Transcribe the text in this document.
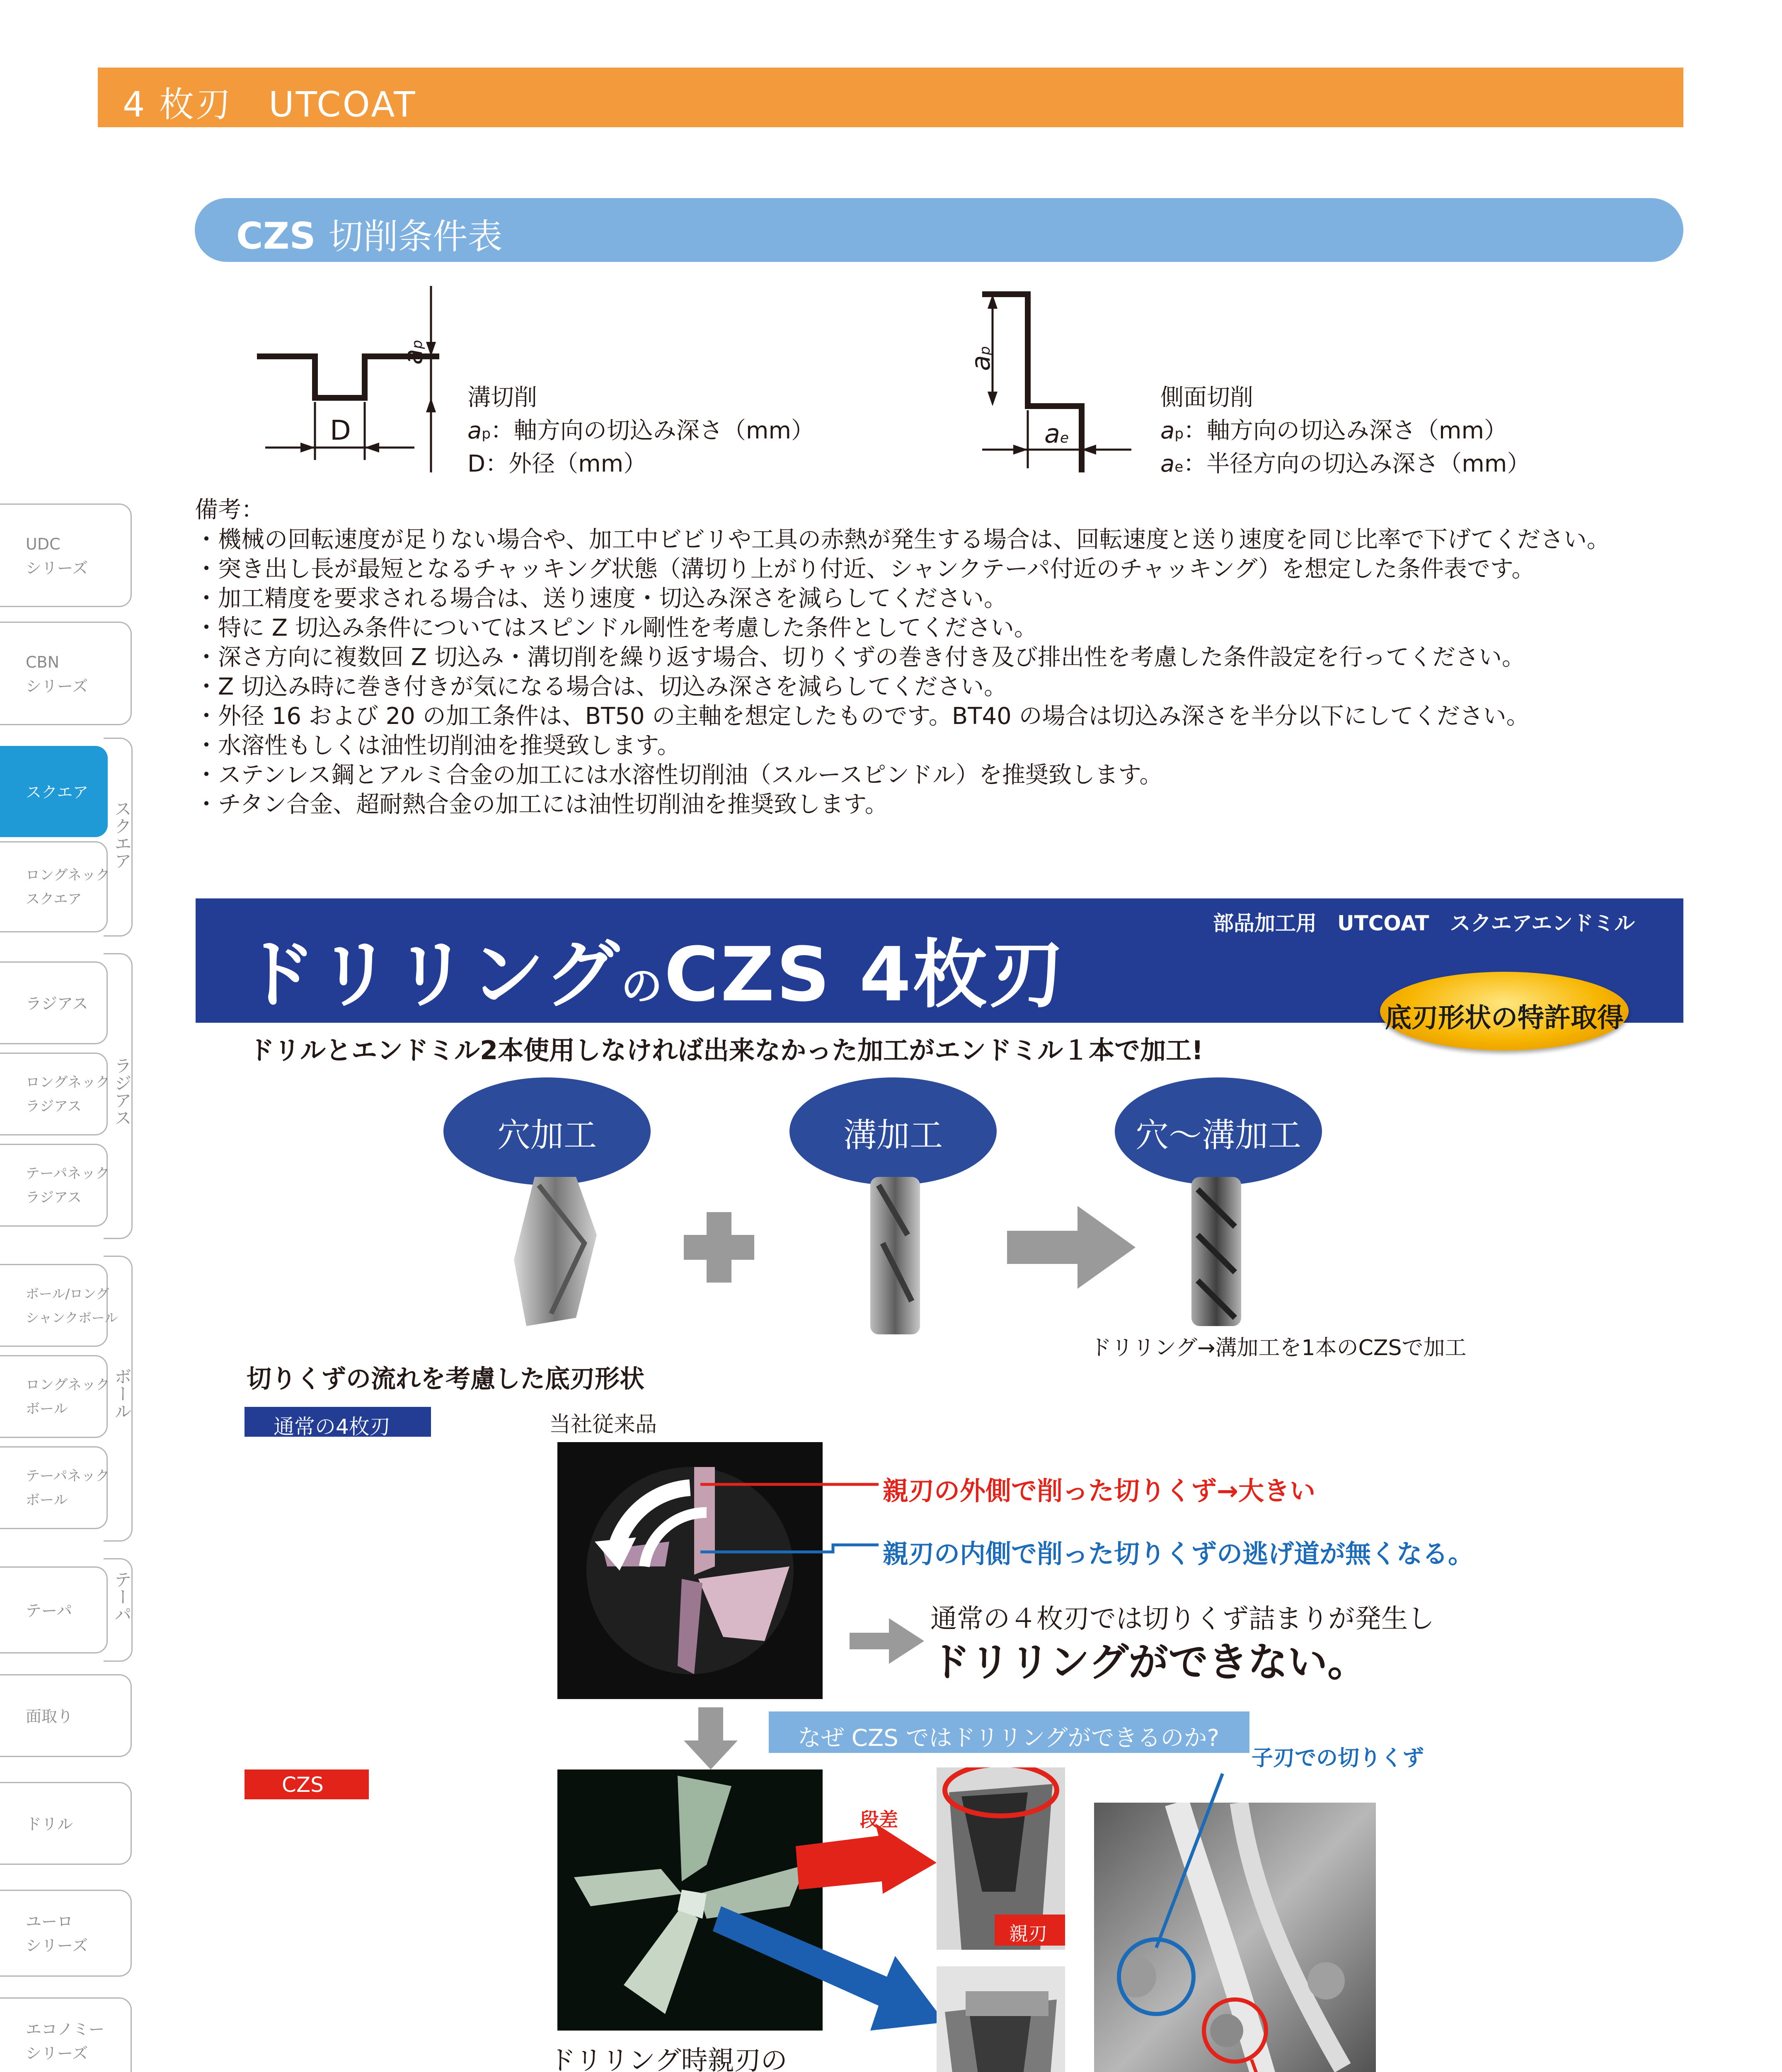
4 枚刃　UTCOAT
CZS 切削条件表
D
ap
溝切削
ap：軸方向の切込み深さ（mm）
D：外径（mm）
ap
ae
側面切削
ap：軸方向の切込み深さ（mm）
ae：半径方向の切込み深さ（mm）
備考：
・機械の回転速度が足りない場合や、加工中ビビリや工具の赤熱が発生する場合は、回転速度と送り速度を同じ比率で下げてください。
・突き出し長が最短となるチャッキング状態（溝切り上がり付近、シャンクテーパ付近のチャッキング）を想定した条件表です。
・加工精度を要求される場合は、送り速度・切込み深さを減らしてください。
・特に Z 切込み条件についてはスピンドル剛性を考慮した条件としてください。
・深さ方向に複数回 Z 切込み・溝切削を繰り返す場合、切りくずの巻き付き及び排出性を考慮した条件設定を行ってください。
・Z 切込み時に巻き付きが気になる場合は、切込み深さを減らしてください。
・外径 16 および 20 の加工条件は、BT50 の主軸を想定したものです。BT40 の場合は切込み深さを半分以下にしてください。
・水溶性もしくは油性切削油を推奨致します。
・ステンレス鋼とアルミ合金の加工には水溶性切削油（スルースピンドル）を推奨致します。
・チタン合金、超耐熱合金の加工には油性切削油を推奨致します。
スクエア
ラジアス
ボール
テーパ
UDC
シリーズ
CBN
シリーズ
スクエア
ロングネック
スクエア
ラジアス
ロングネック
ラジアス
テーパネック
ラジアス
ボール/ロング
シャンクボール
ロングネック
ボール
テーパネック
ボール
テーパ
面取り
ドリル
ユーロ
シリーズ
エコノミー
シリーズ
ドリリングのCZS 4枚刃
部品加工用　UTCOAT　スクエアエンドミル
底刃形状の特許取得
ドリルとエンドミル2本使用しなければ出来なかった加工がエンドミル１本で加工!
穴加工	溝加工	穴〜溝加工
ドリリング→溝加工を1本のCZSで加工
切りくずの流れを考慮した底刃形状
通常の4枚刃	当社従来品
親刃の外側で削った切りくず→大きい
親刃の内側で削った切りくずの逃げ道が無くなる。
通常の４枚刃では切りくず詰まりが発生し
ドリリングができない。
なぜ CZS ではドリリングができるのか?
CZS
段差
親刃
子刃での切りくず
ドリリング時親刃の
